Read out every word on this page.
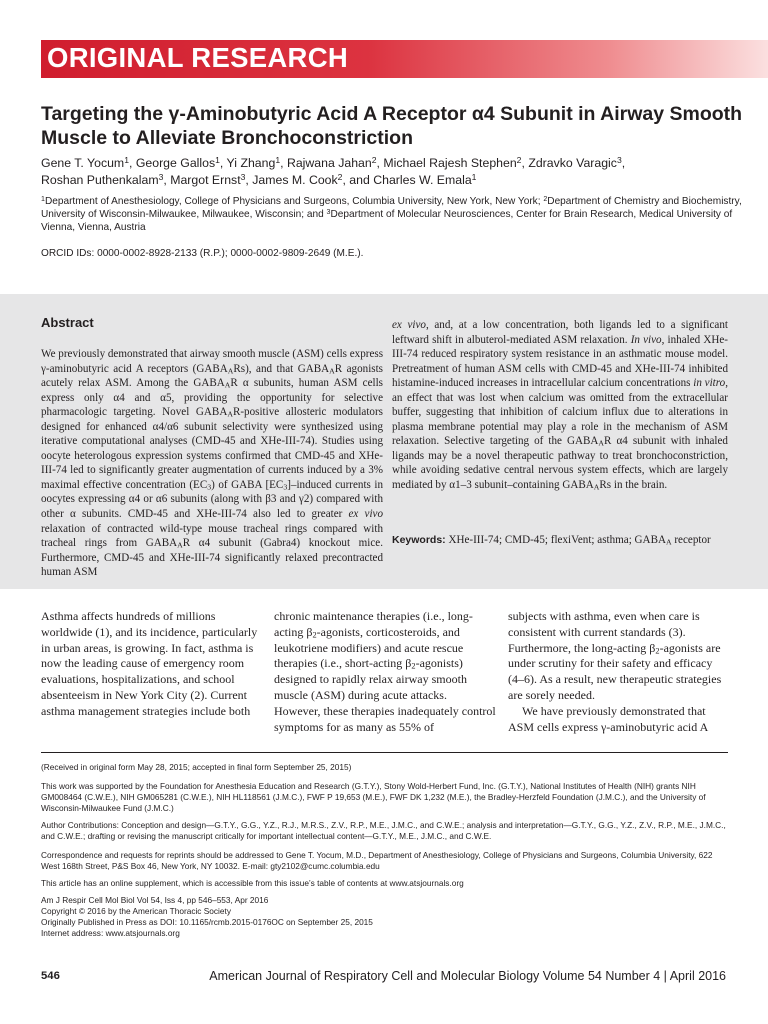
ORIGINAL RESEARCH
Targeting the γ-Aminobutyric Acid A Receptor α4 Subunit in Airway Smooth Muscle to Alleviate Bronchoconstriction
Gene T. Yocum$^1$, George Gallos$^1$, Yi Zhang$^1$, Rajwana Jahan$^2$, Michael Rajesh Stephen$^2$, Zdravko Varagic$^3$,
Roshan Puthenkalam$^3$, Margot Ernst$^3$, James M. Cook$^2$, and Charles W. Emala$^1$
$^1$Department of Anesthesiology, College of Physicians and Surgeons, Columbia University, New York, New York; $^2$Department of Chemistry and Biochemistry, University of Wisconsin-Milwaukee, Milwaukee, Wisconsin; and $^3$Department of Molecular Neurosciences, Center for Brain Research, Medical University of Vienna, Vienna, Austria
ORCID IDs: 0000-0002-8928-2133 (R.P.); 0000-0002-9809-2649 (M.E.).
Abstract
We previously demonstrated that airway smooth muscle (ASM) cells express γ-aminobutyric acid A receptors $(GABA_ARs)$, and that $GABA_AR$ agonists acutely relax ASM. Among the $GABA_AR$ α subunits, human ASM cells express only α4 and α5, providing the opportunity for selective pharmacologic targeting. Novel $GABA_AR$-positive allosteric modulators designed for enhanced α4/α6 subunit selectivity were synthesized using iterative computational analyses (CMD-45 and XHe-III-74). Studies using oocyte heterologous expression systems confirmed that CMD-45 and XHe-III-74 led to significantly greater augmentation of currents induced by a 3% maximal effective concentration $(EC_3)$ of GABA $[EC_3]$–induced currents in oocytes expressing α4 or α6 subunits (along with β3 and γ2) compared with other α subunits. CMD-45 and XHe-III-74 also led to greater ex vivo relaxation of contracted wild-type mouse tracheal rings compared with tracheal rings from $GABA_AR$ α4 subunit (Gabra4) knockout mice. Furthermore, CMD-45 and XHe-III-74 significantly relaxed precontracted human ASM
ex vivo, and, at a low concentration, both ligands led to a significant leftward shift in albuterol-mediated ASM relaxation. In vivo, inhaled XHe-III-74 reduced respiratory system resistance in an asthmatic mouse model. Pretreatment of human ASM cells with CMD-45 and XHe-III-74 inhibited histamine-induced increases in intracellular calcium concentrations in vitro, an effect that was lost when calcium was omitted from the extracellular buffer, suggesting that inhibition of calcium influx due to alterations in plasma membrane potential may play a role in the mechanism of ASM relaxation. Selective targeting of the $GABA_AR$ α4 subunit with inhaled ligands may be a novel therapeutic pathway to treat bronchoconstriction, while avoiding sedative central nervous system effects, which are largely mediated by α1–3 subunit–containing $GABA_ARs$ in the brain.
Keywords: XHe-III-74; CMD-45; flexiVent; asthma; $GABA_A$ receptor
Asthma affects hundreds of millions worldwide (1), and its incidence, particularly in urban areas, is growing. In fact, asthma is now the leading cause of emergency room evaluations, hospitalizations, and school absenteeism in New York City (2). Current asthma management strategies include both
chronic maintenance therapies (i.e., long-acting $\beta_2$-agonists, corticosteroids, and leukotriene modifiers) and acute rescue therapies (i.e., short-acting $\beta_2-agonists$) designed to rapidly relax airway smooth muscle (ASM) during acute attacks. However, these therapies inadequately control symptoms for as many as 55% of
subjects with asthma, even when care is consistent with current standards (3). Furthermore, the long-acting $\beta_2$-agonists are under scrutiny for their safety and efficacy (4–6). As a result, new therapeutic strategies are sorely needed.
We have previously demonstrated that ASM cells express γ-aminobutyric acid A
(Received in original form May 28, 2015; accepted in final form September 25, 2015)
This work was supported by the Foundation for Anesthesia Education and Research (G.T.Y.), Stony Wold-Herbert Fund, Inc. (G.T.Y.), National Institutes of Health (NIH) grants NIH GM008464 (C.W.E.), NIH GM065281 (C.W.E.), NIH HL118561 (J.M.C.), FWF P 19,653 (M.E.), FWF DK 1,232 (M.E.), the Bradley-Herzfeld Foundation (J.M.C.), and the University of Wisconsin-Milwaukee Fund (J.M.C.)
Author Contributions: Conception and design—G.T.Y., G.G., Y.Z., R.J., M.R.S., Z.V., R.P., M.E., J.M.C., and C.W.E.; analysis and interpretation—G.T.Y., G.G., Y.Z., Z.V., R.P., M.E., J.M.C., and C.W.E.; drafting or revising the manuscript critically for important intellectual content—G.T.Y., M.E., J.M.C., and C.W.E.
Correspondence and requests for reprints should be addressed to Gene T. Yocum, M.D., Department of Anesthesiology, College of Physicians and Surgeons, Columbia University, 622 West 168th Street, P&S Box 46, New York, NY 10032. E-mail: gty2102@cumc.columbia.edu
This article has an online supplement, which is accessible from this issue’s table of contents at www.atsjournals.org
Am J Respir Cell Mol Biol Vol 54, Iss 4, pp 546–553, Apr 2016
Copyright © 2016 by the American Thoracic Society
Originally Published in Press as DOI: 10.1165/rcmb.2015-0176OC on September 25, 2015
Internet address: www.atsjournals.org
546	American Journal of Respiratory Cell and Molecular Biology Volume 54 Number 4 | April 2016
